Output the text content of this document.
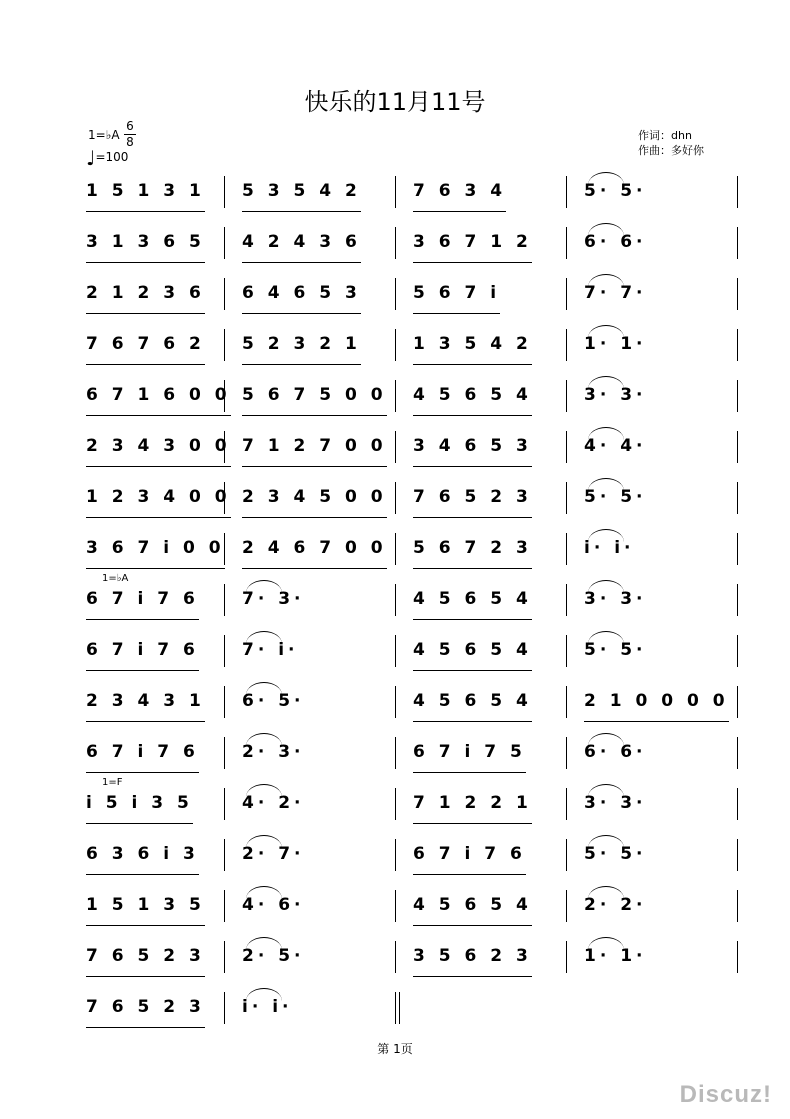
快乐的11月11号
1=♭A
6
8
♩=100
作词：dhn
作曲：多好你
1 5 1 3 1 5 3 5 4 2	7 6 3 4	5· 5·
3 1 3 6 5 4 2 4 3 6	3 6 7 1 2	6· 6·
2 1 2 3 6 6 4 6 5 3	5 6 7 i	7· 7·
7 6 7 6 2 5 2 3 2 1	1 3 5 4 2	1· 1·
6 7 1 6 0 0 5 6 7 5 0 0 4 5 6 5 4	3· 3·
2 3 4 3 0 0 7 1 2 7 0 0 3 4 6 5 3	4· 4·
1 2 3 4 0 0 2 3 4 5 0 0 7 6 5 2 3	5· 5·
3 6 7 i 0 0 2 4 6 7 0 0 5 6 7 2 3	i· i·
6 7 i 7 6	7· 3·	4 5 6 5 4	3· 3·
1=♭A
6 7 i 7 6	7· i·	4 5 6 5 4	5· 5·
2 3 4 3 1 6· 5·	4 5 6 5 4	2 1 0 0 0 0
6 7 i 7 6	2· 3·	6 7 i 7 5	6· 6·
i 5 i 3 5	4· 2·	7 1 2 2 1	3· 3·
1=F
6 3 6 i 3	2· 7·	6 7 i 7 6	5· 5·
1 5 1 3 5 4· 6·	4 5 6 5 4	2· 2·
7 6 5 2 3 2· 5·	3 5 6 2 3	1· 1·
7 6 5 2 3 i· i·
第 1页
Discuz!
